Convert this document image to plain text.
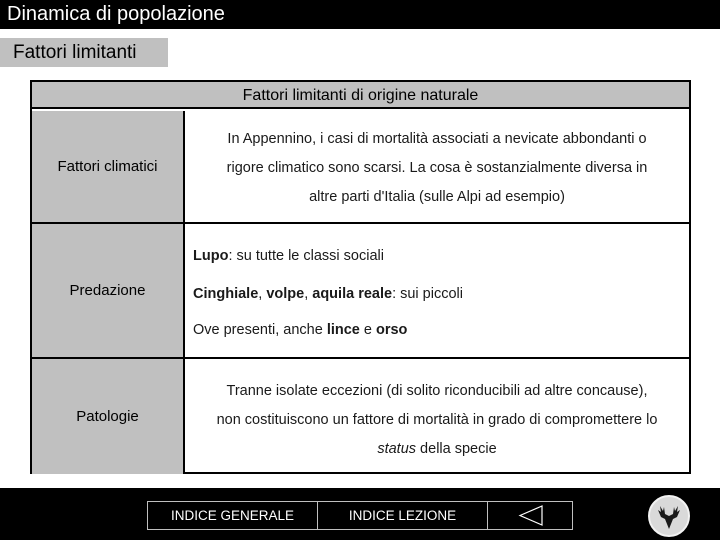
Dinamica di popolazione
Fattori limitanti
Fattori limitanti di origine naturale
Fattori climatici
In Appennino, i casi di mortalità associati a nevicate abbondanti o
rigore climatico sono scarsi. La cosa è sostanzialmente diversa in
altre parti d'Italia (sulle Alpi ad esempio)
Predazione
Lupo: su tutte le classi sociali
Cinghiale, volpe, aquila reale: sui piccoli
Ove presenti, anche lince e orso
Patologie
Tranne isolate eccezioni (di solito riconducibili ad altre concause),
non costituiscono un fattore di mortalità in grado di compromettere lo
status della specie
INDICE GENERALE	INDICE LEZIONE
